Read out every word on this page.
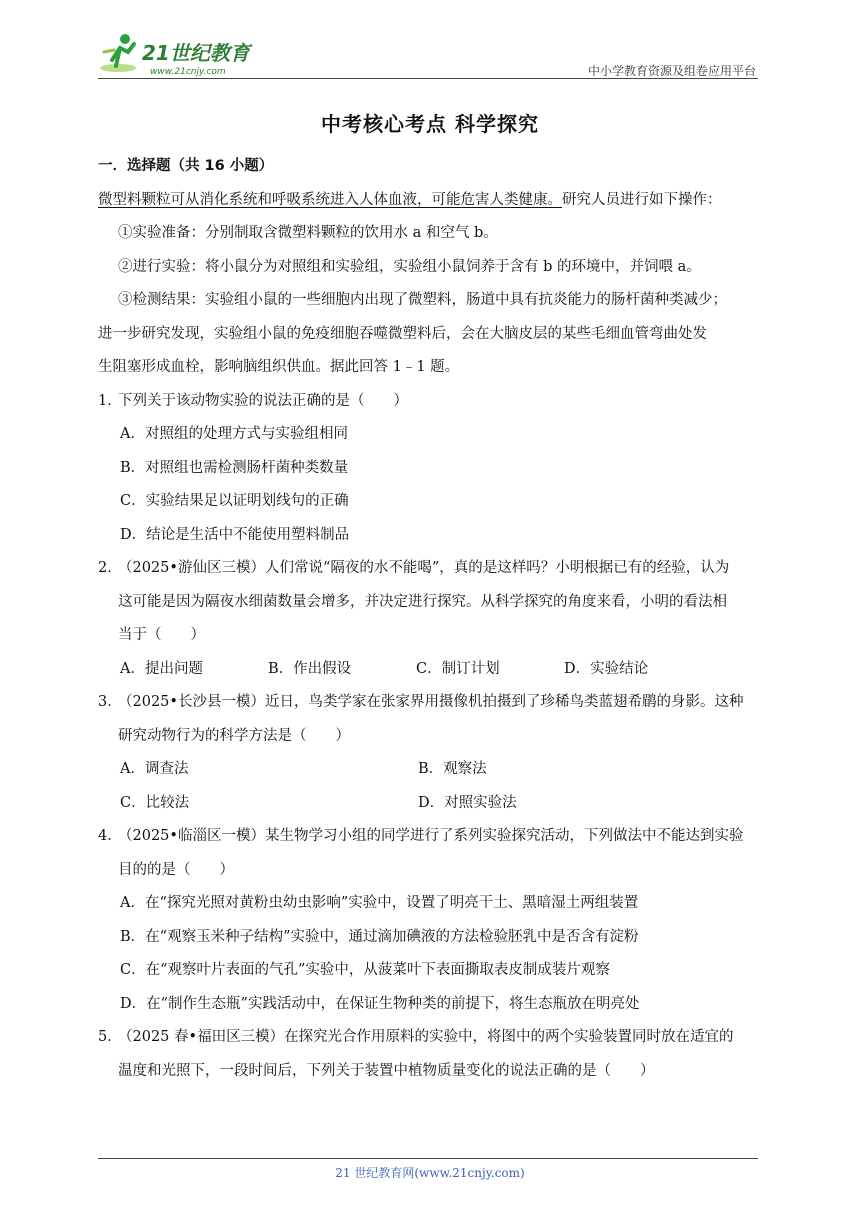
21世纪教育
www.21cnjy.com	中小学教育资源及组卷应用平台
中考核心考点 科学探究
一．选择题（共 16 小题）
微型料颗粒可从消化系统和呼吸系统进入人体血液，可能危害人类健康。研究人员进行如下操作：
①实验准备：分别制取含微塑料颗粒的饮用水 a 和空气 b。
②进行实验：将小鼠分为对照组和实验组，实验组小鼠饲养于含有 b 的环境中，并饲喂 a。
③检测结果：实验组小鼠的一些细胞内出现了微塑料，肠道中具有抗炎能力的肠杆菌种类减少；
进一步研究发现，实验组小鼠的免疫细胞吞噬微塑料后，会在大脑皮层的某些毛细血管弯曲处发
生阻塞形成血栓，影响脑组织供血。据此回答 1﹣1 题。
1．下列关于该动物实验的说法正确的是（　　）
A．对照组的处理方式与实验组相同
B．对照组也需检测肠杆菌种类数量
C．实验结果足以证明划线句的正确
D．结论是生活中不能使用塑料制品
2．（2025•游仙区三模）人们常说“隔夜的水不能喝”，真的是这样吗？小明根据已有的经验，认为
这可能是因为隔夜水细菌数量会增多，并决定进行探究。从科学探究的角度来看，小明的看法相
当于（　　）
A．提出问题	B．作出假设	C．制订计划	D．实验结论
3．（2025•长沙县一模）近日，鸟类学家在张家界用摄像机拍摄到了珍稀鸟类蓝翅希鹛的身影。这种
研究动物行为的科学方法是（　　）
A．调查法	B．观察法
C．比较法	D．对照实验法
4．（2025•临淄区一模）某生物学习小组的同学进行了系列实验探究活动，下列做法中不能达到实验
目的的是（　　）
A．在“探究光照对黄粉虫幼虫影响”实验中，设置了明亮干土、黑暗湿土两组装置
B．在“观察玉米种子结构”实验中，通过滴加碘液的方法检验胚乳中是否含有淀粉
C．在“观察叶片表面的气孔”实验中，从菠菜叶下表面撕取表皮制成装片观察
D．在“制作生态瓶”实践活动中，在保证生物种类的前提下，将生态瓶放在明亮处
5．（2025 春•福田区三模）在探究光合作用原料的实验中，将图中的两个实验装置同时放在适宜的
温度和光照下，一段时间后，下列关于装置中植物质量变化的说法正确的是（　　）
21 世纪教育网(www.21cnjy.com)
